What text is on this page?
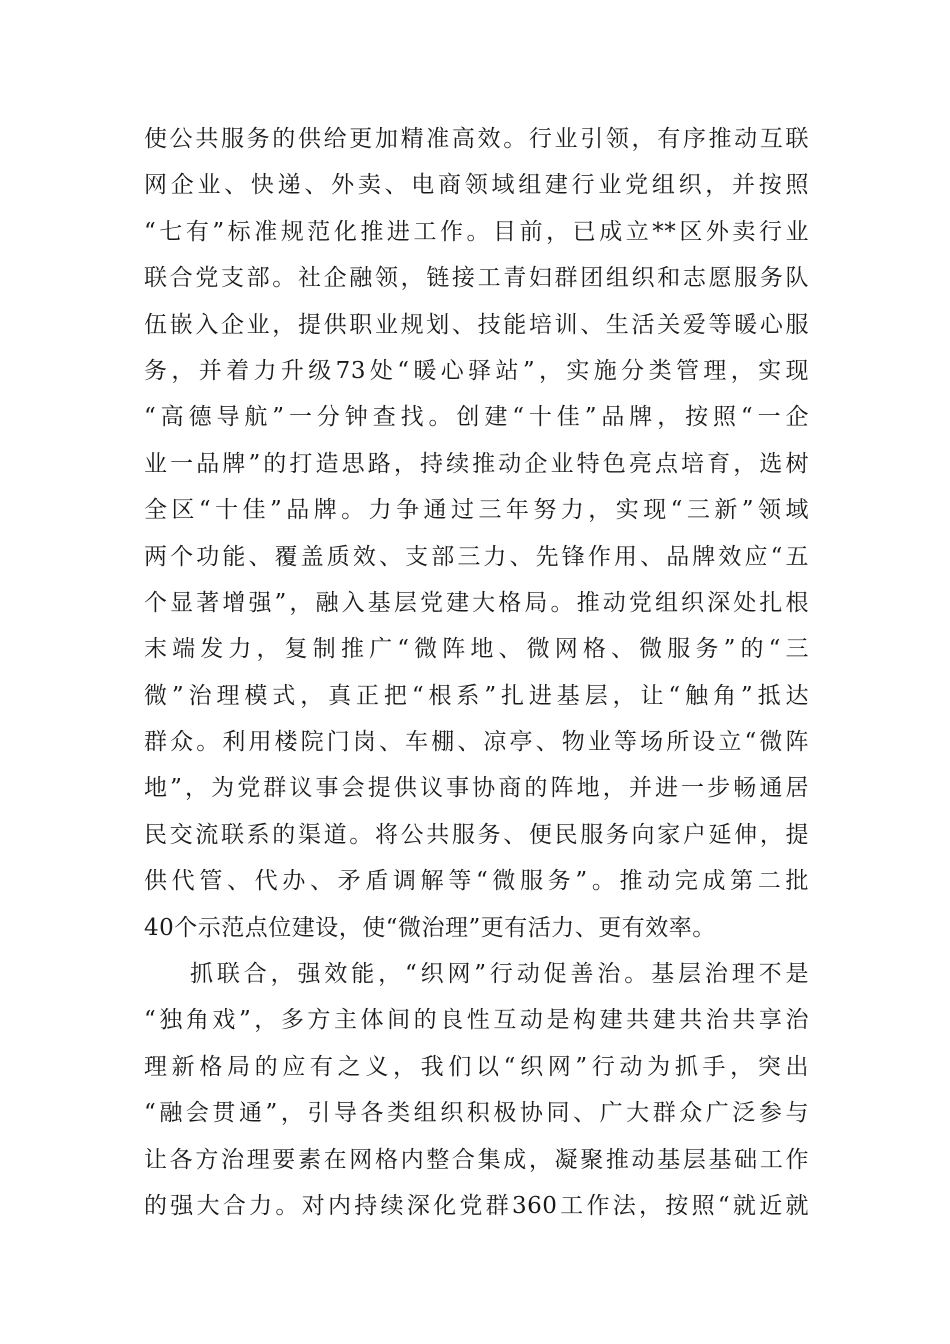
使公共服务的供给更加精准高效。行业引领，有序推动互联
网企业、快递、外卖、电商领域组建行业党组织，并按照
“七有”标准规范化推进工作。目前，已成立**区外卖行业
联合党支部。社企融领，链接工青妇群团组织和志愿服务队
伍嵌入企业，提供职业规划、技能培训、生活关爱等暖心服
务，并着力升级73处“暖心驿站”，实施分类管理，实现
“高德导航”一分钟查找。创建“十佳”品牌，按照“一企
业一品牌”的打造思路，持续推动企业特色亮点培育，选树
全区“十佳”品牌。力争通过三年努力，实现“三新”领域
两个功能、覆盖质效、支部三力、先锋作用、品牌效应“五
个显著增强”，融入基层党建大格局。推动党组织深处扎根
末端发力，复制推广“微阵地、微网格、微服务”的“三
微”治理模式，真正把“根系”扎进基层，让“触角”抵达
群众。利用楼院门岗、车棚、凉亭、物业等场所设立“微阵
地”，为党群议事会提供议事协商的阵地，并进一步畅通居
民交流联系的渠道。将公共服务、便民服务向家户延伸，提
供代管、代办、矛盾调解等“微服务”。推动完成第二批
40个示范点位建设，使“微治理”更有活力、更有效率。
抓联合，强效能，“织网”行动促善治。基层治理不是
“独角戏”，多方主体间的良性互动是构建共建共治共享治
理新格局的应有之义，我们以“织网”行动为抓手，突出
“融会贯通”，引导各类组织积极协同、广大群众广泛参与
让各方治理要素在网格内整合集成，凝聚推动基层基础工作
的强大合力。对内持续深化党群360工作法，按照“就近就
